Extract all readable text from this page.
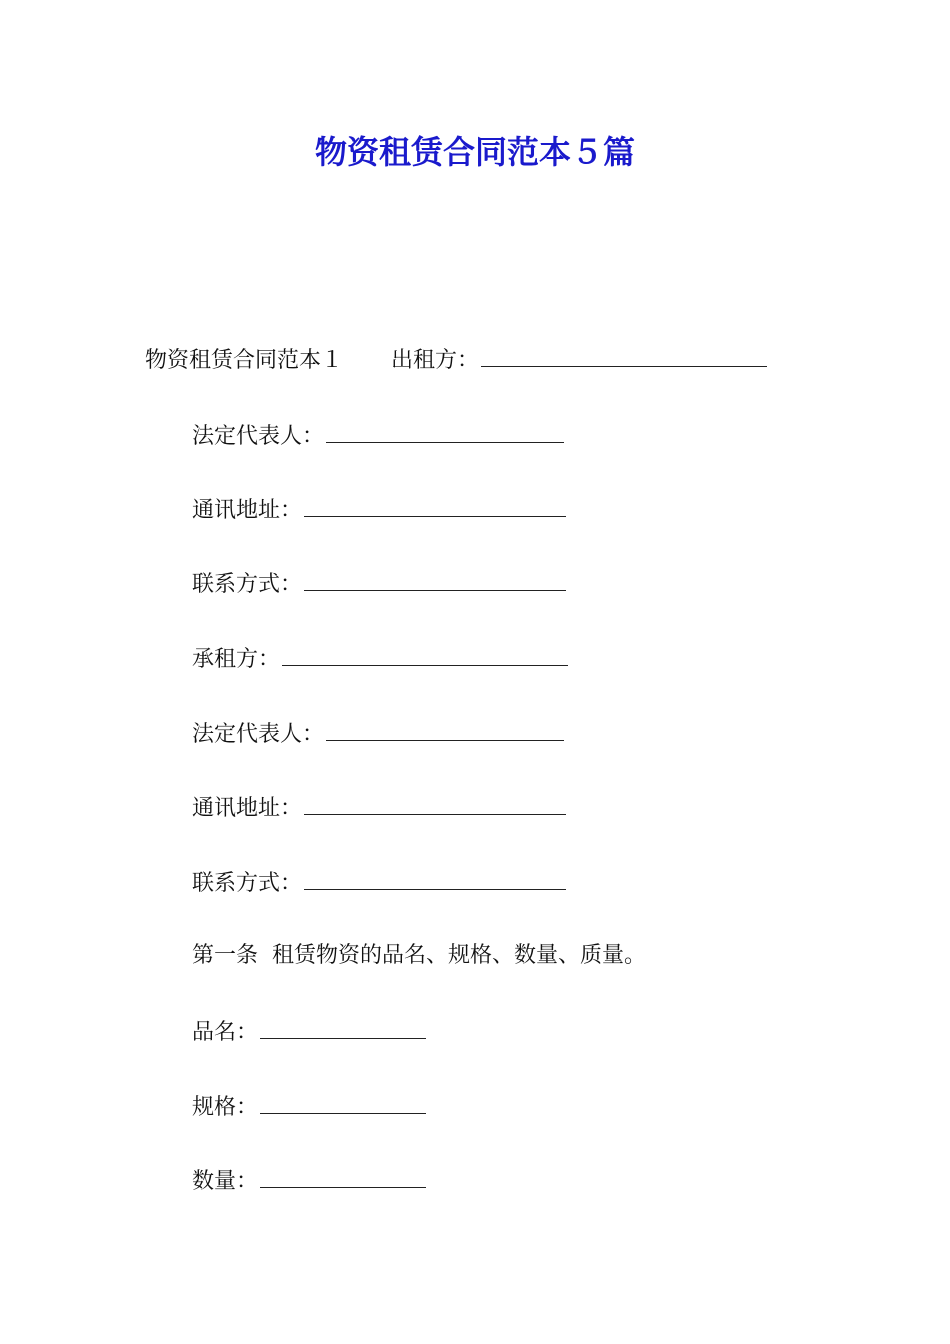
物资租赁合同范本５篇
物资租赁合同范本１ 出租方：
法定代表人：
通讯地址：
联系方式：
承租方：
法定代表人：
通讯地址：
联系方式：
第一条 租赁物资的品名、规格、数量、质量。
品名：
规格：
数量：
